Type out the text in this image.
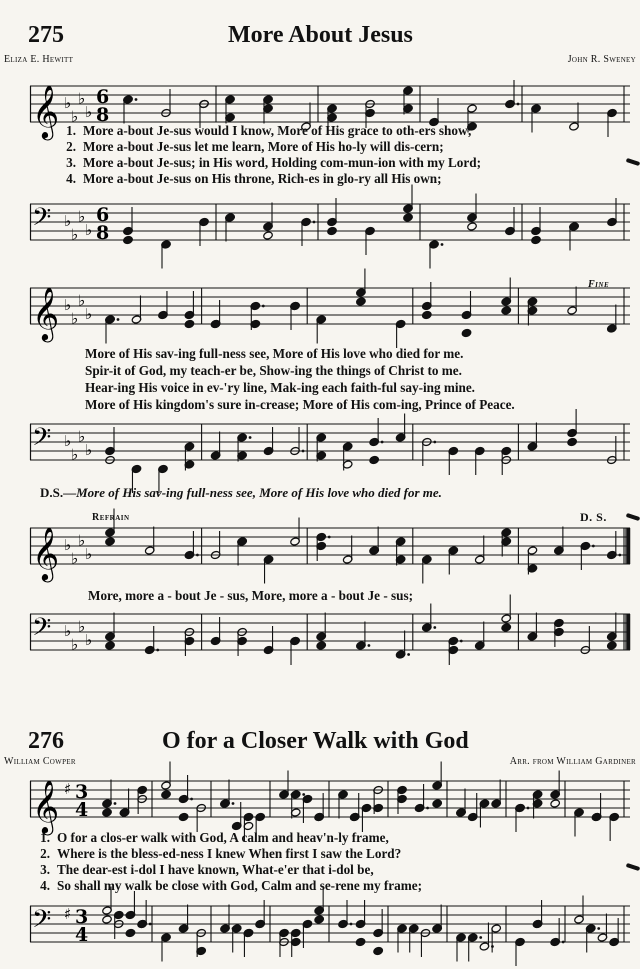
275	More About Jesus
Eliza E. Hewitt	John R. Sweney
𝄞 ♭
♭
♭
♭
6
8
1. More a-bout Je-sus would I know, More of His grace to oth-ers show;
2. More a-bout Je-sus let me learn, More of His ho-ly will dis-cern;
3. More a-bout Je-sus; in His word, Holding com-mun-ion with my Lord;
4. More a-bout Je-sus on His throne, Rich-es in glo-ry all His own;
𝄢 ♭
♭
♭
♭
6
8
Fine
𝄞 ♭
♭
♭
♭
More of His sav-ing full-ness see, More of His love who died for me.
Spir-it of God, my teach-er be, Show-ing the things of Christ to me.
Hear-ing His voice in ev-'ry line, Mak-ing each faith-ful say-ing mine.
More of His kingdom's sure in-crease; More of His com-ing, Prince of Peace.
𝄢 ♭
♭
♭
♭
D.S.—More of His sav-ing full-ness see, More of His love who died for me.
Refrain	D. S.
𝄞 ♭
♭
♭
♭
More, more a - bout Je - sus, More, more a - bout Je - sus;
𝄢 ♭
♭
♭
♭
276	O for a Closer Walk with God
William Cowper	Arr. from William Gardiner
𝄞 ♯ 3
4
1. O for a clos-er walk with God, A calm and heav'n-ly frame,
2. Where is the bless-ed-ness I knew When first I saw the Lord?
3. The dear-est i-dol I have known, What-e'er that i-dol be,
4. So shall my walk be close with God, Calm and se-rene my frame;
𝄢 ♯ 3
4
